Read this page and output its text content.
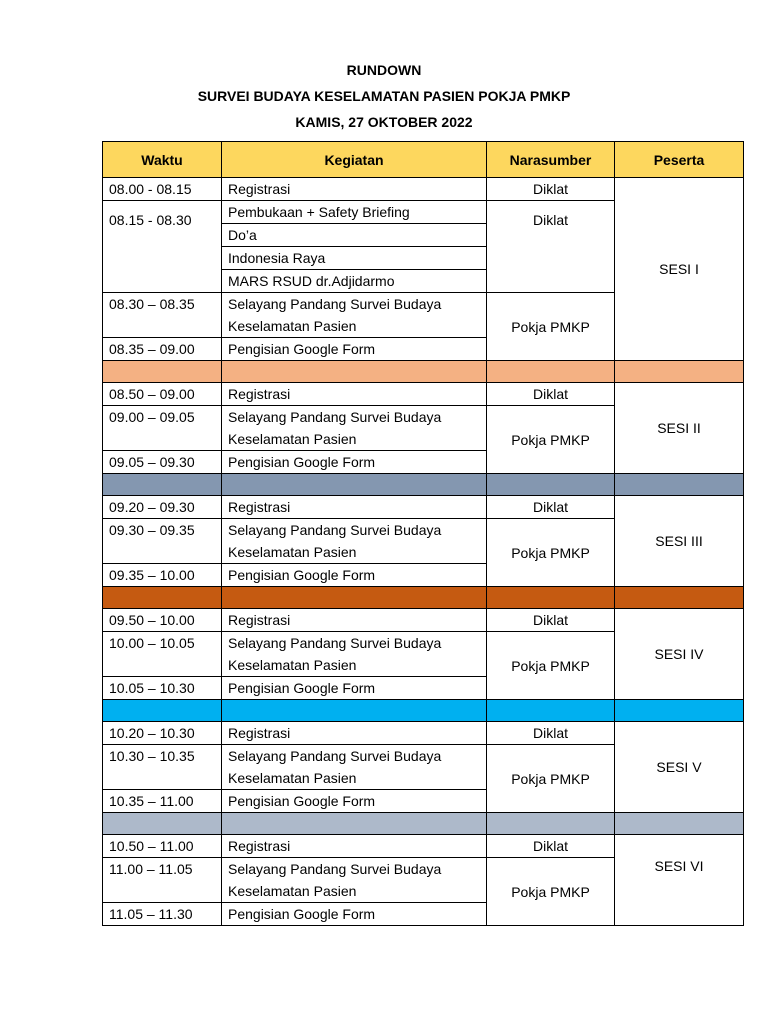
RUNDOWN
SURVEI BUDAYA KESELAMATAN PASIEN POKJA PMKP
KAMIS, 27 OKTOBER 2022
Waktu	Kegiatan	Narasumber	Peserta
08.00 - 08.15	Registrasi	Diklat	SESI I
08.15 - 08.30	Pembukaan + Safety Briefing	Diklat	
	Do’a		
	Indonesia Raya		
	MARS RSUD dr.Adjidarmo		
08.30 – 08.35	Selayang Pandang Survei Budaya	Pokja PMKP	
	Keselamatan Pasien		
08.35 – 09.00	Pengisian Google Form		

08.50 – 09.00	Registrasi	Diklat	SESI II
09.00 – 09.05	Selayang Pandang Survei Budaya	Pokja PMKP	
	Keselamatan Pasien		
09.05 – 09.30	Pengisian Google Form		

09.20 – 09.30	Registrasi	Diklat	SESI III
09.30 – 09.35	Selayang Pandang Survei Budaya	Pokja PMKP	
	Keselamatan Pasien		
09.35 – 10.00	Pengisian Google Form		

09.50 – 10.00	Registrasi	Diklat	SESI IV
10.00 – 10.05	Selayang Pandang Survei Budaya	Pokja PMKP	
	Keselamatan Pasien		
10.05 – 10.30	Pengisian Google Form		

10.20 – 10.30	Registrasi	Diklat	SESI V
10.30 – 10.35	Selayang Pandang Survei Budaya	Pokja PMKP	
	Keselamatan Pasien		
10.35 – 11.00	Pengisian Google Form		

10.50 – 11.00	Registrasi	Diklat	SESI VI
11.00 – 11.05	Selayang Pandang Survei Budaya	Pokja PMKP	
	Keselamatan Pasien		
11.05 – 11.30	Pengisian Google Form		
